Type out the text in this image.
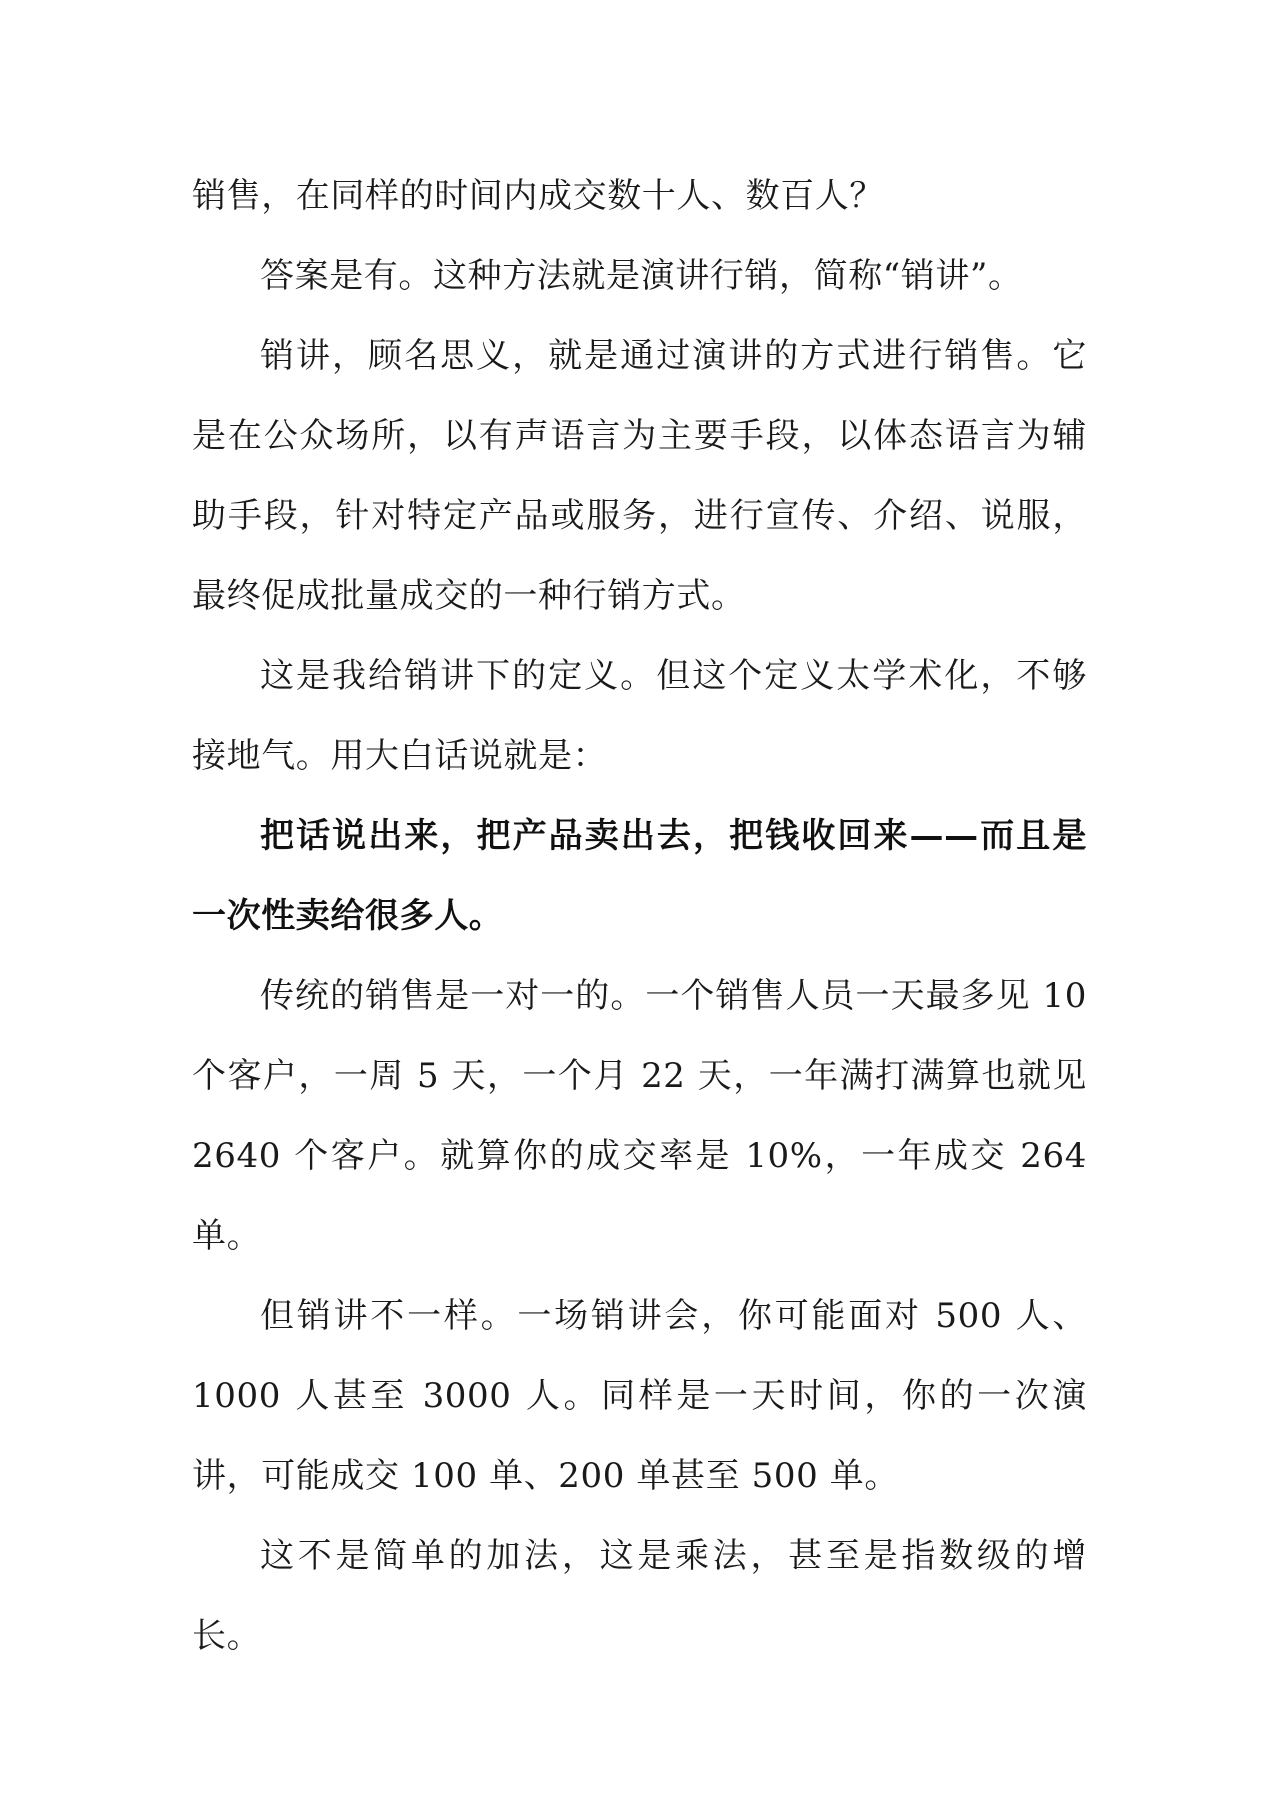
销售，在同样的时间内成交数十人、数百人？

答案是有。这种方法就是演讲行销，简称“销讲”。

销讲，顾名思义，就是通过演讲的方式进行销售。它是在公众场所，以有声语言为主要手段，以体态语言为辅助手段，针对特定产品或服务，进行宣传、介绍、说服，最终促成批量成交的一种行销方式。

这是我给销讲下的定义。但这个定义太学术化，不够接地气。用大白话说就是：

把话说出来，把产品卖出去，把钱收回来——而且是一次性卖给很多人。

传统的销售是一对一的。一个销售人员一天最多见 10 个客户，一周 5 天，一个月 22 天，一年满打满算也就见 2640 个客户。就算你的成交率是 10%，一年成交 264 单。

但销讲不一样。一场销讲会，你可能面对 500 人、1000 人甚至 3000 人。同样是一天时间，你的一次演讲，可能成交 100 单、200 单甚至 500 单。

这不是简单的加法，这是乘法，甚至是指数级的增长。
